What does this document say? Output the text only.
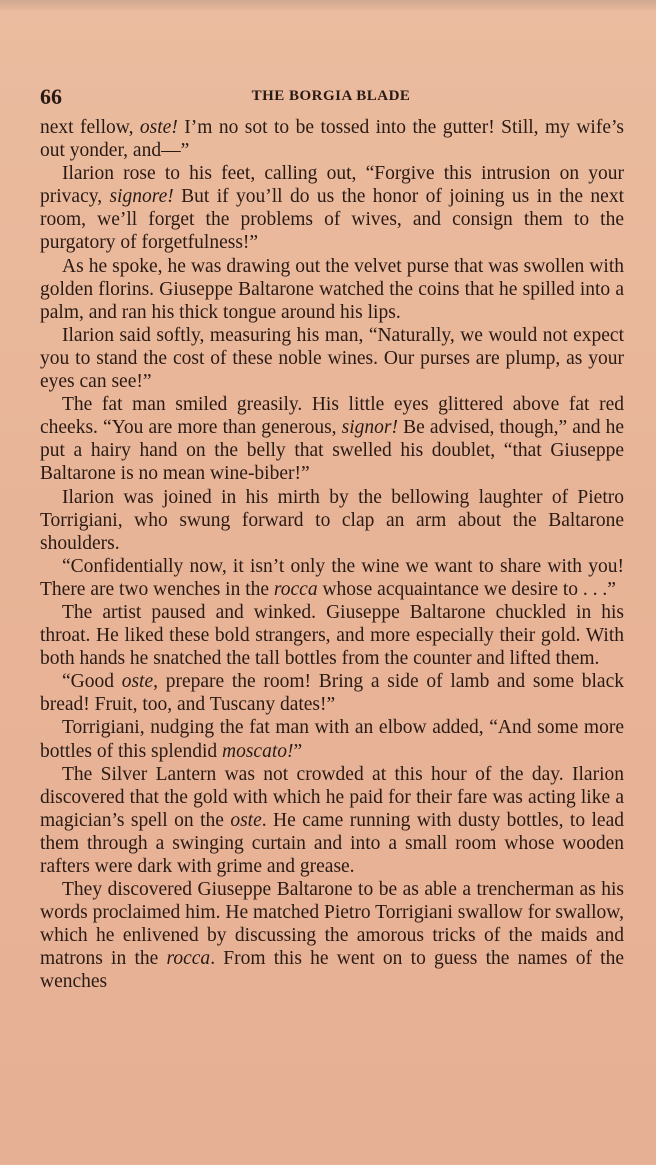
66	THE BORGIA BLADE

next fellow, oste! I’m no sot to be tossed into the gutter! Still, my wife’s out yonder, and—”

Ilarion rose to his feet, calling out, “Forgive this intrusion on your privacy, signore! But if you’ll do us the honor of joining us in the next room, we’ll forget the problems of wives, and consign them to the purgatory of forgetfulness!”

As he spoke, he was drawing out the velvet purse that was swollen with golden florins. Giuseppe Baltarone watched the coins that he spilled into a palm, and ran his thick tongue around his lips.

Ilarion said softly, measuring his man, “Naturally, we would not expect you to stand the cost of these noble wines. Our purses are plump, as your eyes can see!”

The fat man smiled greasily. His little eyes glittered above fat red cheeks. “You are more than generous, signor! Be advised, though,” and he put a hairy hand on the belly that swelled his doublet, “that Giuseppe Baltarone is no mean wine-biber!”

Ilarion was joined in his mirth by the bellowing laughter of Pietro Torrigiani, who swung forward to clap an arm about the Baltarone shoulders.

“Confidentially now, it isn’t only the wine we want to share with you! There are two wenches in the rocca whose acquaintance we desire to . . .”

The artist paused and winked. Giuseppe Baltarone chuckled in his throat. He liked these bold strangers, and more especially their gold. With both hands he snatched the tall bottles from the counter and lifted them.

“Good oste, prepare the room! Bring a side of lamb and some black bread! Fruit, too, and Tuscany dates!”

Torrigiani, nudging the fat man with an elbow added, “And some more bottles of this splendid moscato!”

The Silver Lantern was not crowded at this hour of the day. Ilarion discovered that the gold with which he paid for their fare was acting like a magician’s spell on the oste. He came running with dusty bottles, to lead them through a swinging curtain and into a small room whose wooden rafters were dark with grime and grease.

They discovered Giuseppe Baltarone to be as able a trencherman as his words proclaimed him. He matched Pietro Torrigiani swallow for swallow, which he enlivened by discussing the amorous tricks of the maids and matrons in the rocca. From this he went on to guess the names of the wenches
